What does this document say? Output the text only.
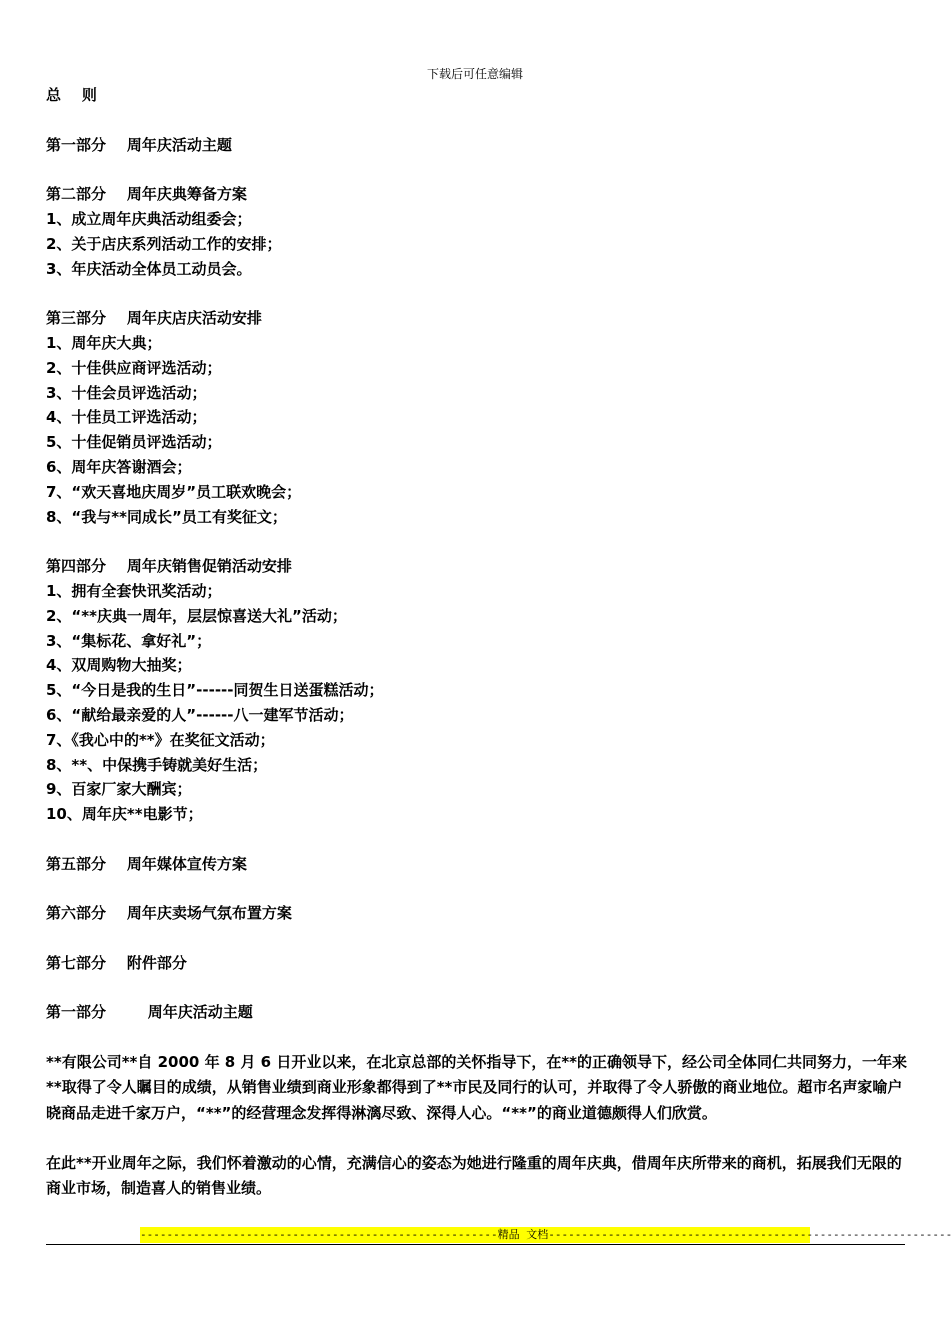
下载后可任意编辑
总    则
第一部分    周年庆活动主题
第二部分    周年庆典筹备方案
1、成立周年庆典活动组委会；
2、关于店庆系列活动工作的安排；
3、年庆活动全体员工动员会。
第三部分    周年庆店庆活动安排
1、周年庆大典；
2、十佳供应商评选活动；
3、十佳会员评选活动；
4、十佳员工评选活动；
5、十佳促销员评选活动；
6、周年庆答谢酒会；
7、“欢天喜地庆周岁”员工联欢晚会；
8、“我与**同成长”员工有奖征文；
第四部分    周年庆销售促销活动安排
1、拥有全套快讯奖活动；
2、“**庆典一周年，层层惊喜送大礼”活动；
3、“集标花、拿好礼”；
4、双周购物大抽奖；
5、“今日是我的生日”------同贺生日送蛋糕活动；
6、“献给最亲爱的人”------八一建军节活动；
7、《我心中的**》在奖征文活动；
8、**、中保携手铸就美好生活；
9、百家厂家大酬宾；
10、周年庆**电影节；
第五部分    周年媒体宣传方案
第六部分    周年庆卖场气氛布置方案
第七部分    附件部分
第一部分        周年庆活动主题

**有限公司**自 2000 年 8 月 6 日开业以来，在北京总部的关怀指导下，在**的正确领导下，经公司全体同仁共同努力，一年来**取得了令人瞩目的成绩，从销售业绩到商业形象都得到了**市民及同行的认可，并取得了令人骄傲的商业地位。超市名声家喻户晓商品走进千家万户，“**”的经营理念发挥得淋漓尽致、深得人心。“**”的商业道德颇得人们欣赏。

在此**开业周年之际，我们怀着激动的心情，充满信心的姿态为她进行隆重的周年庆典，借周年庆所带来的商机，拓展我们无限的商业市场，制造喜人的销售业绩。

------------------------------------------------------精品 文档-------------------------------------------------------------
